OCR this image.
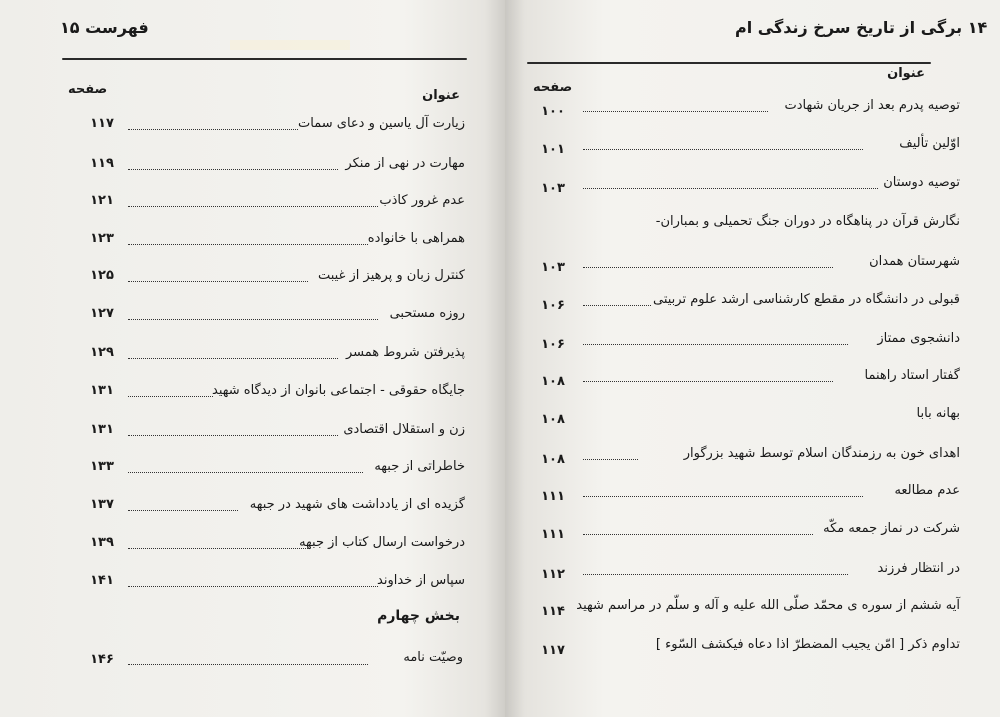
فهرست ۱۵
عنوان
صفحه
زیارت آل یاسین و دعای سمات
۱۱۷
مهارت در نهی از منکر
۱۱۹
عدم غرور کاذب
۱۲۱
همراهی با خانواده
۱۲۳
کنترل زبان و پرهیز از غیبت
۱۲۵
روزه مستحبی
۱۲۷
پذیرفتن شروط همسر
۱۲۹
جایگاه حقوقی - اجتماعی بانوان از دیدگاه شهید
۱۳۱
زن و استقلال اقتصادی
۱۳۱
خاطراتی از جبهه
۱۳۳
گزیده ای از یادداشت های شهید در جبهه
۱۳۷
درخواست ارسال کتاب از جبهه
۱۳۹
سپاس از خداوند
۱۴۱
بخش چهارم
وصیّت نامه
۱۴۶
۱۴ برگی از تاریخ سرخ زندگی ام
عنوان
صفحه
توصیه پدرم بعد از جریان شهادت
۱۰۰
اوّلین تألیف
۱۰۱
توصیه دوستان
۱۰۳
نگارش قرآن در پناهگاه در دوران جنگ تحمیلی و بمباران-
شهرستان همدان
۱۰۳
قبولی در دانشگاه در مقطع کارشناسی ارشد علوم تربیتی
۱۰۶
دانشجوی ممتاز
۱۰۶
گفتار استاد راهنما
۱۰۸
بهانه بابا
۱۰۸
اهدای خون به رزمندگان اسلام توسط شهید بزرگوار
۱۰۸
عدم مطالعه
۱۱۱
شرکت در نماز جمعه مکّه
۱۱۱
در انتظار فرزند
۱۱۲
آیه ششم از سوره ی محمّد صلّی الله علیه و آله و سلّم در مراسم شهید
۱۱۴
تداوم ذکر [ امّن یجیب المضطرّ اذا دعاه فیکشف السّوء ]
۱۱۷
